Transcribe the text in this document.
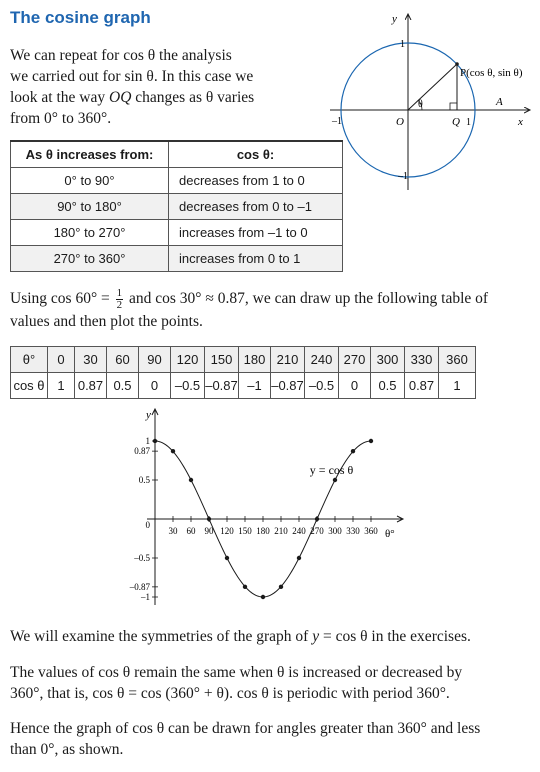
The cosine graph
We can repeat for cos θ the analysis
we carried out for sin θ. In this case we
look at the way OQ changes as θ varies
from 0° to 360°.
y
x
1
–1
–1	O
P(cos θ, sin θ)
θ
Q 1
A
As θ increases from:	cos θ:
0° to 90°	decreases from 1 to 0
90° to 180°	decreases from 0 to –1
180° to 270°	increases from –1 to 0
270° to 360°	increases from 0 to 1
Using $\cos 60^\circ = \frac{1}{2}$ and cos 30° ≈ 0.87, we can draw up the following table of
values and then plot the points.
θ°	0	30	60	90	120	150	180	210	240	270	300	330	360
cos θ	1	0.87	0.5	0	–0.5	–0.87	–1	–0.87	–0.5	0	0.5	0.87	1
y
θ°
30 60 90 120 150 180 210 240 270 300 330 360
1
0.87
0.5
0
–0.5
–0.87
–1
y = cos θ
We will examine the symmetries of the graph of y = cos θ in the exercises.
The values of cos θ remain the same when θ is increased or decreased by
360°, that is, cos θ = cos (360° + θ). cos θ is periodic with period 360°.
Hence the graph of cos θ can be drawn for angles greater than 360° and less
than 0°, as shown.
